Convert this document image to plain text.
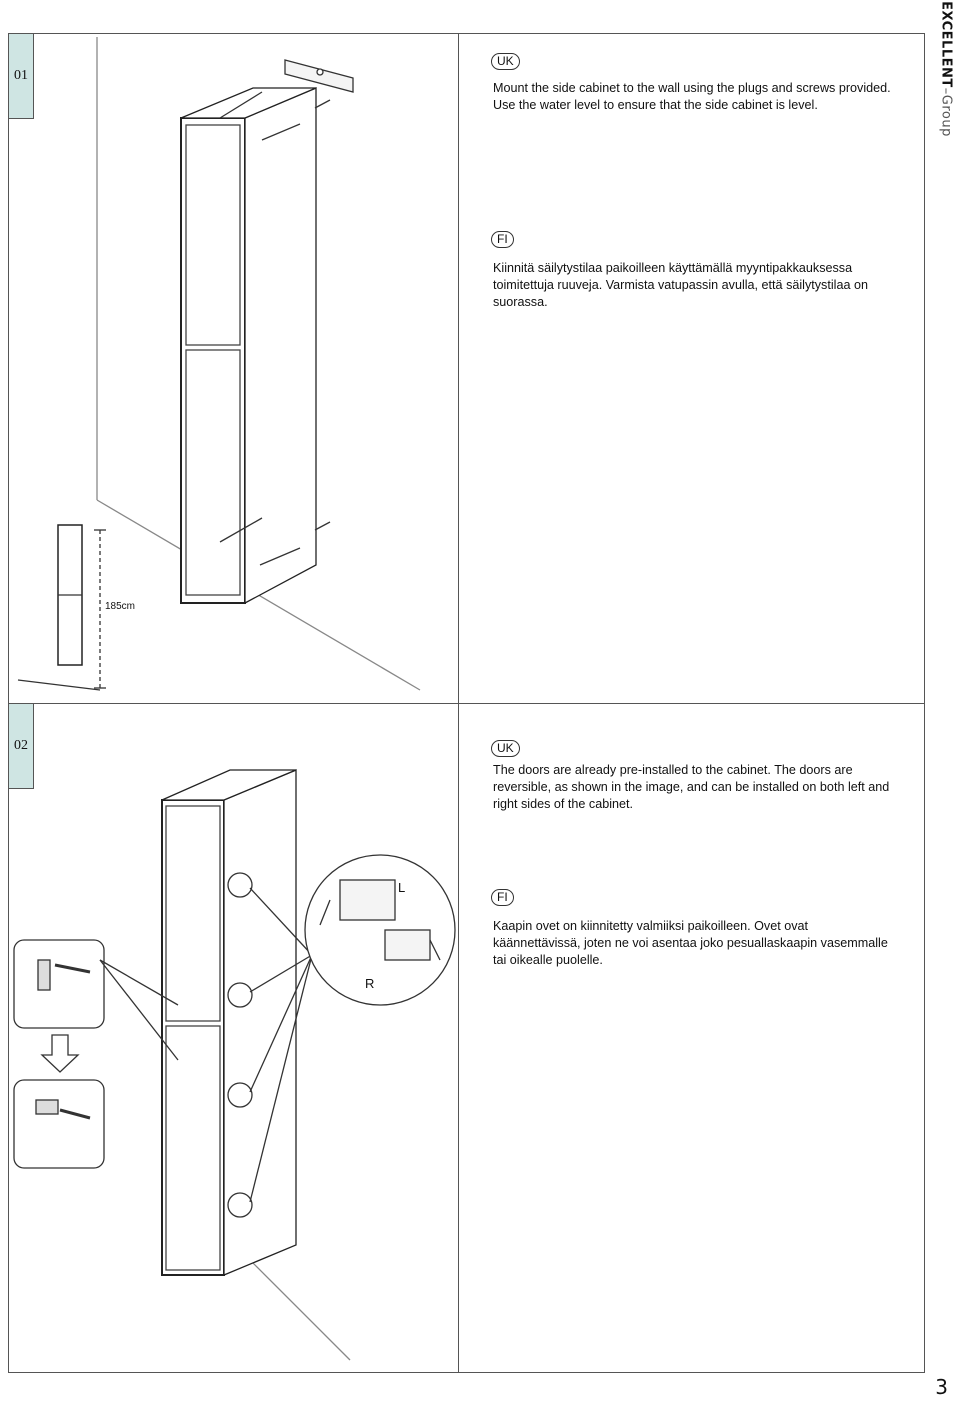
EXCELLENT–Group
01
02
UK
Mount the side cabinet to the wall using the plugs and screws provided. Use the water level to ensure that the side cabinet is level.
FI
Kiinnitä säilytystilaa paikoilleen käyttämällä myyntipakkauksessa toimitettuja ruuveja. Varmista vatupassin avulla, että säilytystilaa on suorassa.
UK
The doors are already pre-installed to the cabinet. The doors are reversible, as shown in the image, and can be installed on both left and right sides of the cabinet.
FI
Kaapin ovet on kiinnitetty valmiiksi paikoilleen. Ovet ovat käännettävissä, joten ne voi asentaa joko pesuallaskaapin vasemmalle tai oikealle puolelle.
185cm
L
R
3
